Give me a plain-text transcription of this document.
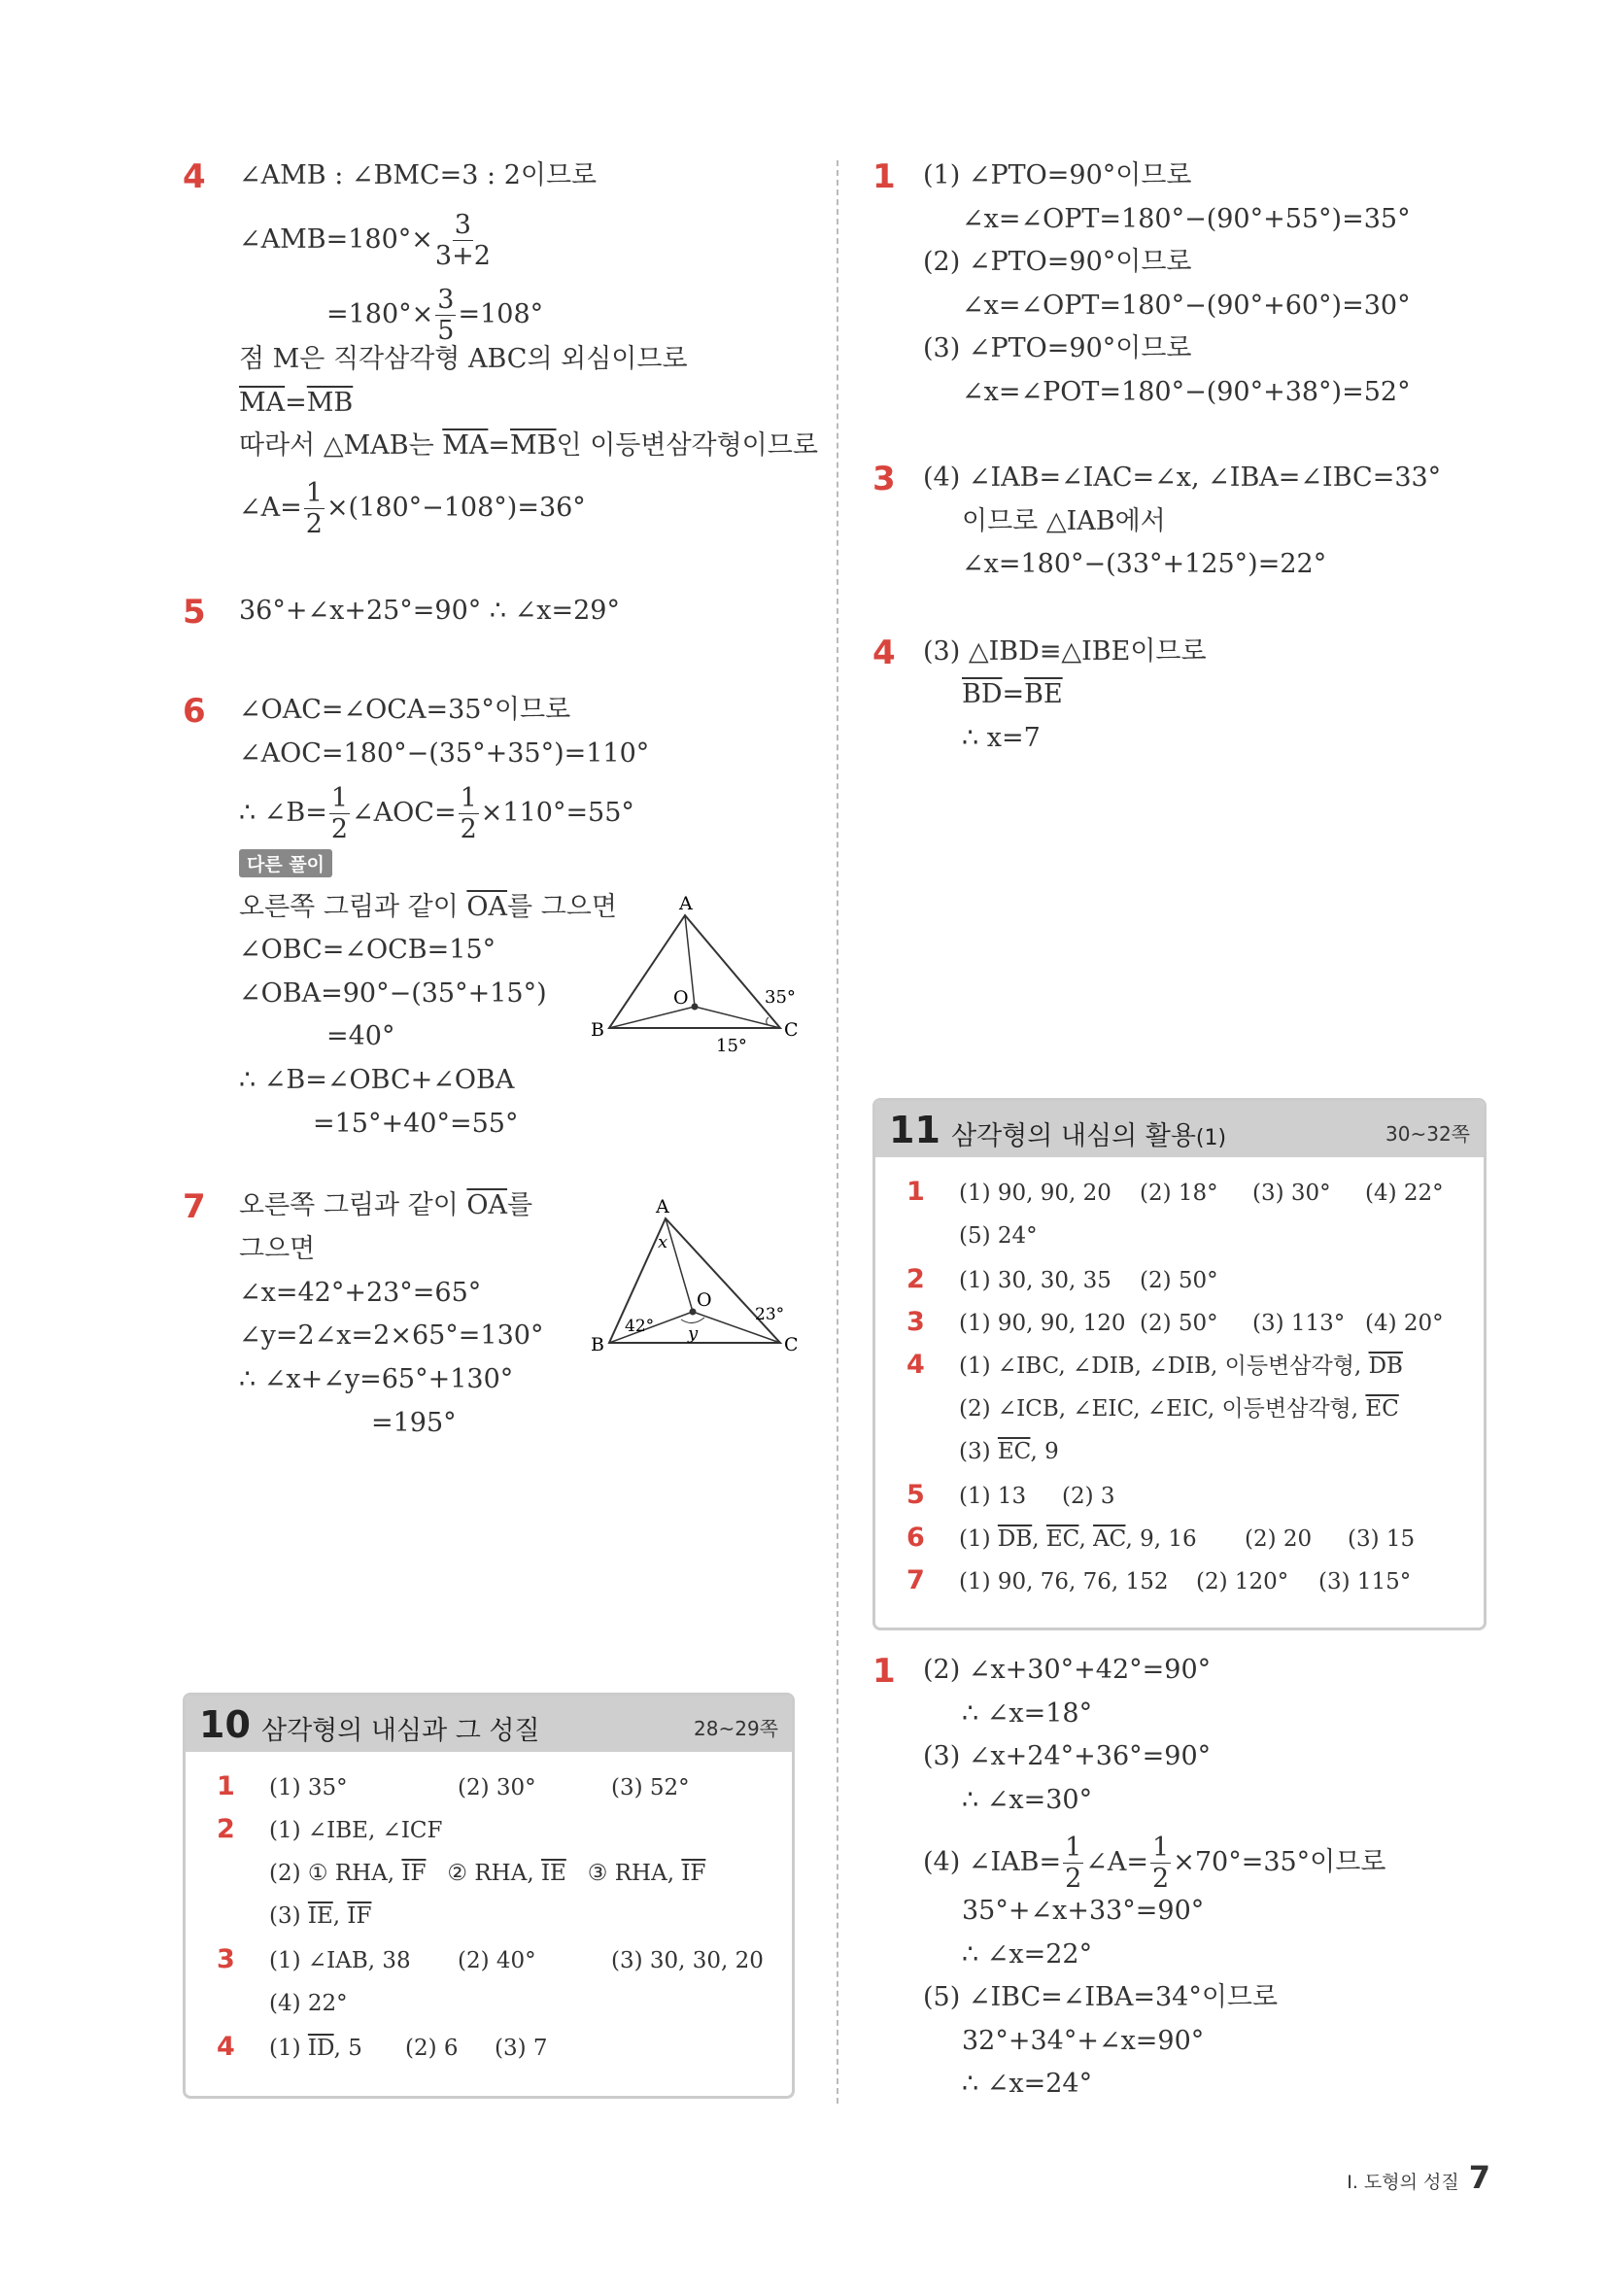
4 ∠AMB : ∠BMC=3 : 2이므로
∠AMB=180°× $\frac{3}{3+2}$
$=180^\circ\times \frac{3}{5} =108^\circ$
점 M은 직각삼각형 ABC의 외심이므로
$\overline{MA}=\overline{MB}$
따라서 △MAB는 $\overline{MA}=\overline{MB}$인 이등변삼각형이므로
∠A= $\frac{1}{2} \times(180^\circ-108^\circ)=36^\circ$
5 36°+∠x+25°=90° ∴ ∠x=29°
6 ∠OAC=∠OCA=35°이므로
∠AOC=180°−(35°+35°)=110°
∴ ∠B= $\frac{1}{2}$ ∠AOC= $\frac{1}{2} \times 110^\circ=55^\circ$
다른 풀이
오른쪽 그림과 같이 $\overline{OA}$를 그으면
∠OBC=∠OCB=15°
∠OBA=90°−(35°+15°)
=40°
∴ ∠B=∠OBC+∠OBA
=15°+40°=55°
A
B	C
O	35°
15°
7 오른쪽 그림과 같이 $\overline{OA}$를
그으면
∠x=42°+23°=65°
∠y=2∠x=2×65°=130°
∴ ∠x+∠y=65°+130°
=195°
A
B	C
O
x
y
42°
23°
10 삼각형의 내심과 그 성질	28~29쪽
1 (1) 35°	(2) 30°	(3) 52°
2 (1) ∠IBE, ∠ICF
(2) ① RHA, $\overline{IF}$ ② RHA, $\overline{IE}$ ③ RHA, $\overline{IF}$
(3) $\overline{IE}$, $\overline{IF}$
3 (1) ∠IAB, 38 (2) 40°	(3) 30, 30, 20
(4) 22°
4 (1) $\overline{ID}$, 5 (2) 6 (3) 7
1 (1) ∠PTO=90°이므로
∠x=∠OPT=180°−(90°+55°)=35°
(2) ∠PTO=90°이므로
∠x=∠OPT=180°−(90°+60°)=30°
(3) ∠PTO=90°이므로
∠x=∠POT=180°−(90°+38°)=52°
3 (4) ∠IAB=∠IAC=∠x, ∠IBA=∠IBC=33°
이므로 △IAB에서
∠x=180°−(33°+125°)=22°
4 (3) △IBD≡△IBE이므로
$\overline{BD}=\overline{BE}$
∴ x=7
11 삼각형의 내심의 활용(1)	30~32쪽
1 (1) 90, 90, 20 (2) 18° (3) 30° (4) 22°
(5) 24°
2 (1) 30, 30, 35 (2) 50°
3 (1) 90, 90, 120 (2) 50° (3) 113° (4) 20°
4 (1) ∠IBC, ∠DIB, ∠DIB, 이등변삼각형, $\overline{DB}$
(2) ∠ICB, ∠EIC, ∠EIC, 이등변삼각형, $\overline{EC}$
(3) $\overline{EC}$, 9
5 (1) 13 (2) 3
6 (1) $\overline{DB}$, $\overline{EC}$, $\overline{AC}$, 9, 16 (2) 20 (3) 15
7 (1) 90, 76, 76, 152 (2) 120° (3) 115°
1 (2) ∠x+30°+42°=90°
∴ ∠x=18°
(3) ∠x+24°+36°=90°
∴ ∠x=30°
(4) ∠IAB= $\frac{1}{2}$ ∠A= $\frac{1}{2} \times 70^\circ=35^\circ$이므로
35°+∠x+33°=90°
∴ ∠x=22°
(5) ∠IBC=∠IBA=34°이므로
32°+34°+∠x=90°
∴ ∠x=24°
Ⅰ. 도형의 성질 7
